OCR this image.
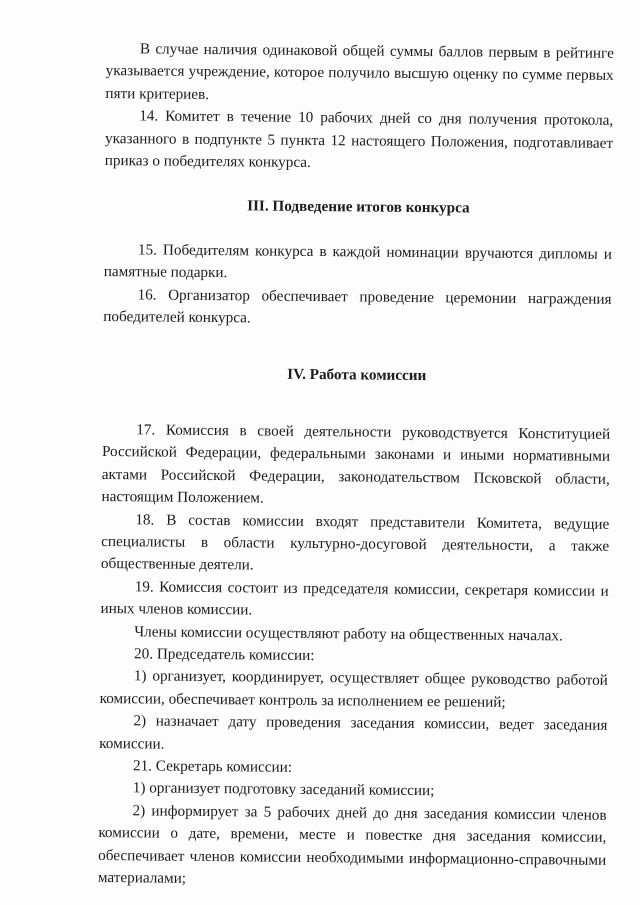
В случае наличия одинаковой общей суммы баллов первым в рейтинге указывается учреждение, которое получило высшую оценку по сумме первых пяти критериев.

14. Комитет в течение 10 рабочих дней со дня получения протокола, указанного в подпункте 5 пункта 12 настоящего Положения, подготавливает приказ о победителях конкурса.

III. Подведение итогов конкурса

15. Победителям конкурса в каждой номинации вручаются дипломы и памятные подарки.

16. Организатор обеспечивает проведение церемонии награждения победителей конкурса.

IV. Работа комиссии

17. Комиссия в своей деятельности руководствуется Конституцией Российской Федерации, федеральными законами и иными нормативными актами Российской Федерации, законодательством Псковской области, настоящим Положением.

18. В состав комиссии входят представители Комитета, ведущие специалисты в области культурно-досуговой деятельности, а также общественные деятели.

19. Комиссия состоит из председателя комиссии, секретаря комиссии и иных членов комиссии.

Члены комиссии осуществляют работу на общественных началах.

20. Председатель комиссии:

1) организует, координирует, осуществляет общее руководство работой комиссии, обеспечивает контроль за исполнением ее решений;

2) назначает дату проведения заседания комиссии, ведет заседания комиссии.

21. Секретарь комиссии:

1) организует подготовку заседаний комиссии;

2) информирует за 5 рабочих дней до дня заседания комиссии членов комиссии о дате, времени, месте и повестке дня заседания комиссии, обеспечивает членов комиссии необходимыми информационно-справочными материалами;
